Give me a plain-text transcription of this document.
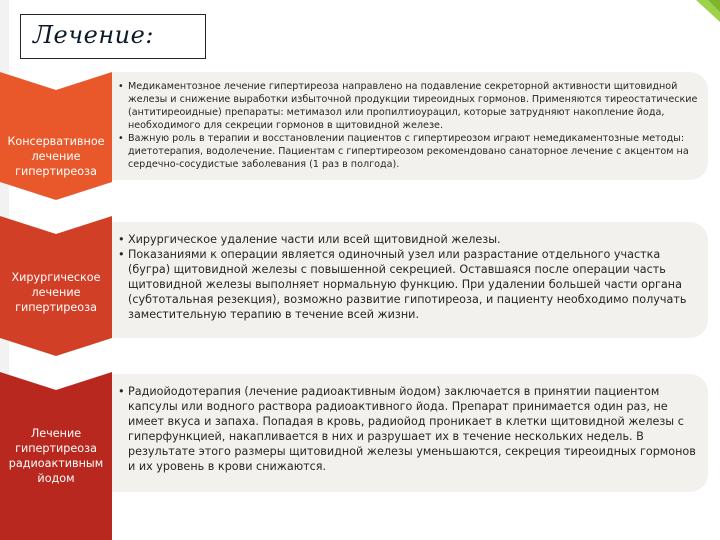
Лечение:
Консервативное лечение гипертиреоза
• Медикаментозное лечение гипертиреоза направлено на подавление секреторной активности щитовидной железы и снижение выработки избыточной продукции тиреоидных гормонов. Применяются тиреостатические (антитиреоидные) препараты: метимазол или пропилтиоурацил, которые затрудняют накопление йода, необходимого для секреции гормонов в щитовидной железе.
• Важную роль в терапии и восстановлении пациентов с гипертиреозом играют немедикаментозные методы: диетотерапия, водолечение. Пациентам с гипертиреозом рекомендовано санаторное лечение с акцентом на сердечно-сосудистые заболевания (1 раз в полгода).
Хирургическое лечение гипертиреоза
• Хирургическое удаление части или всей щитовидной железы.
• Показаниями к операции является одиночный узел или разрастание отдельного участка (бугра) щитовидной железы с повышенной секрецией. Оставшаяся после операции часть щитовидной железы выполняет нормальную функцию. При удалении большей части органа (субтотальная резекция), возможно развитие гипотиреоза, и пациенту необходимо получать заместительную терапию в течение всей жизни.
Лечение гипертиреоза радиоактивным йодом
• Радиойодотерапия (лечение радиоактивным йодом) заключается в принятии пациентом капсулы или водного раствора радиоактивного йода. Препарат принимается один раз, не имеет вкуса и запаха. Попадая в кровь, радиойод проникает в клетки щитовидной железы с гиперфункцией, накапливается в них и разрушает их в течение нескольких недель. В результате этого размеры щитовидной железы уменьшаются, секреция тиреоидных гормонов и их уровень в крови снижаются.
